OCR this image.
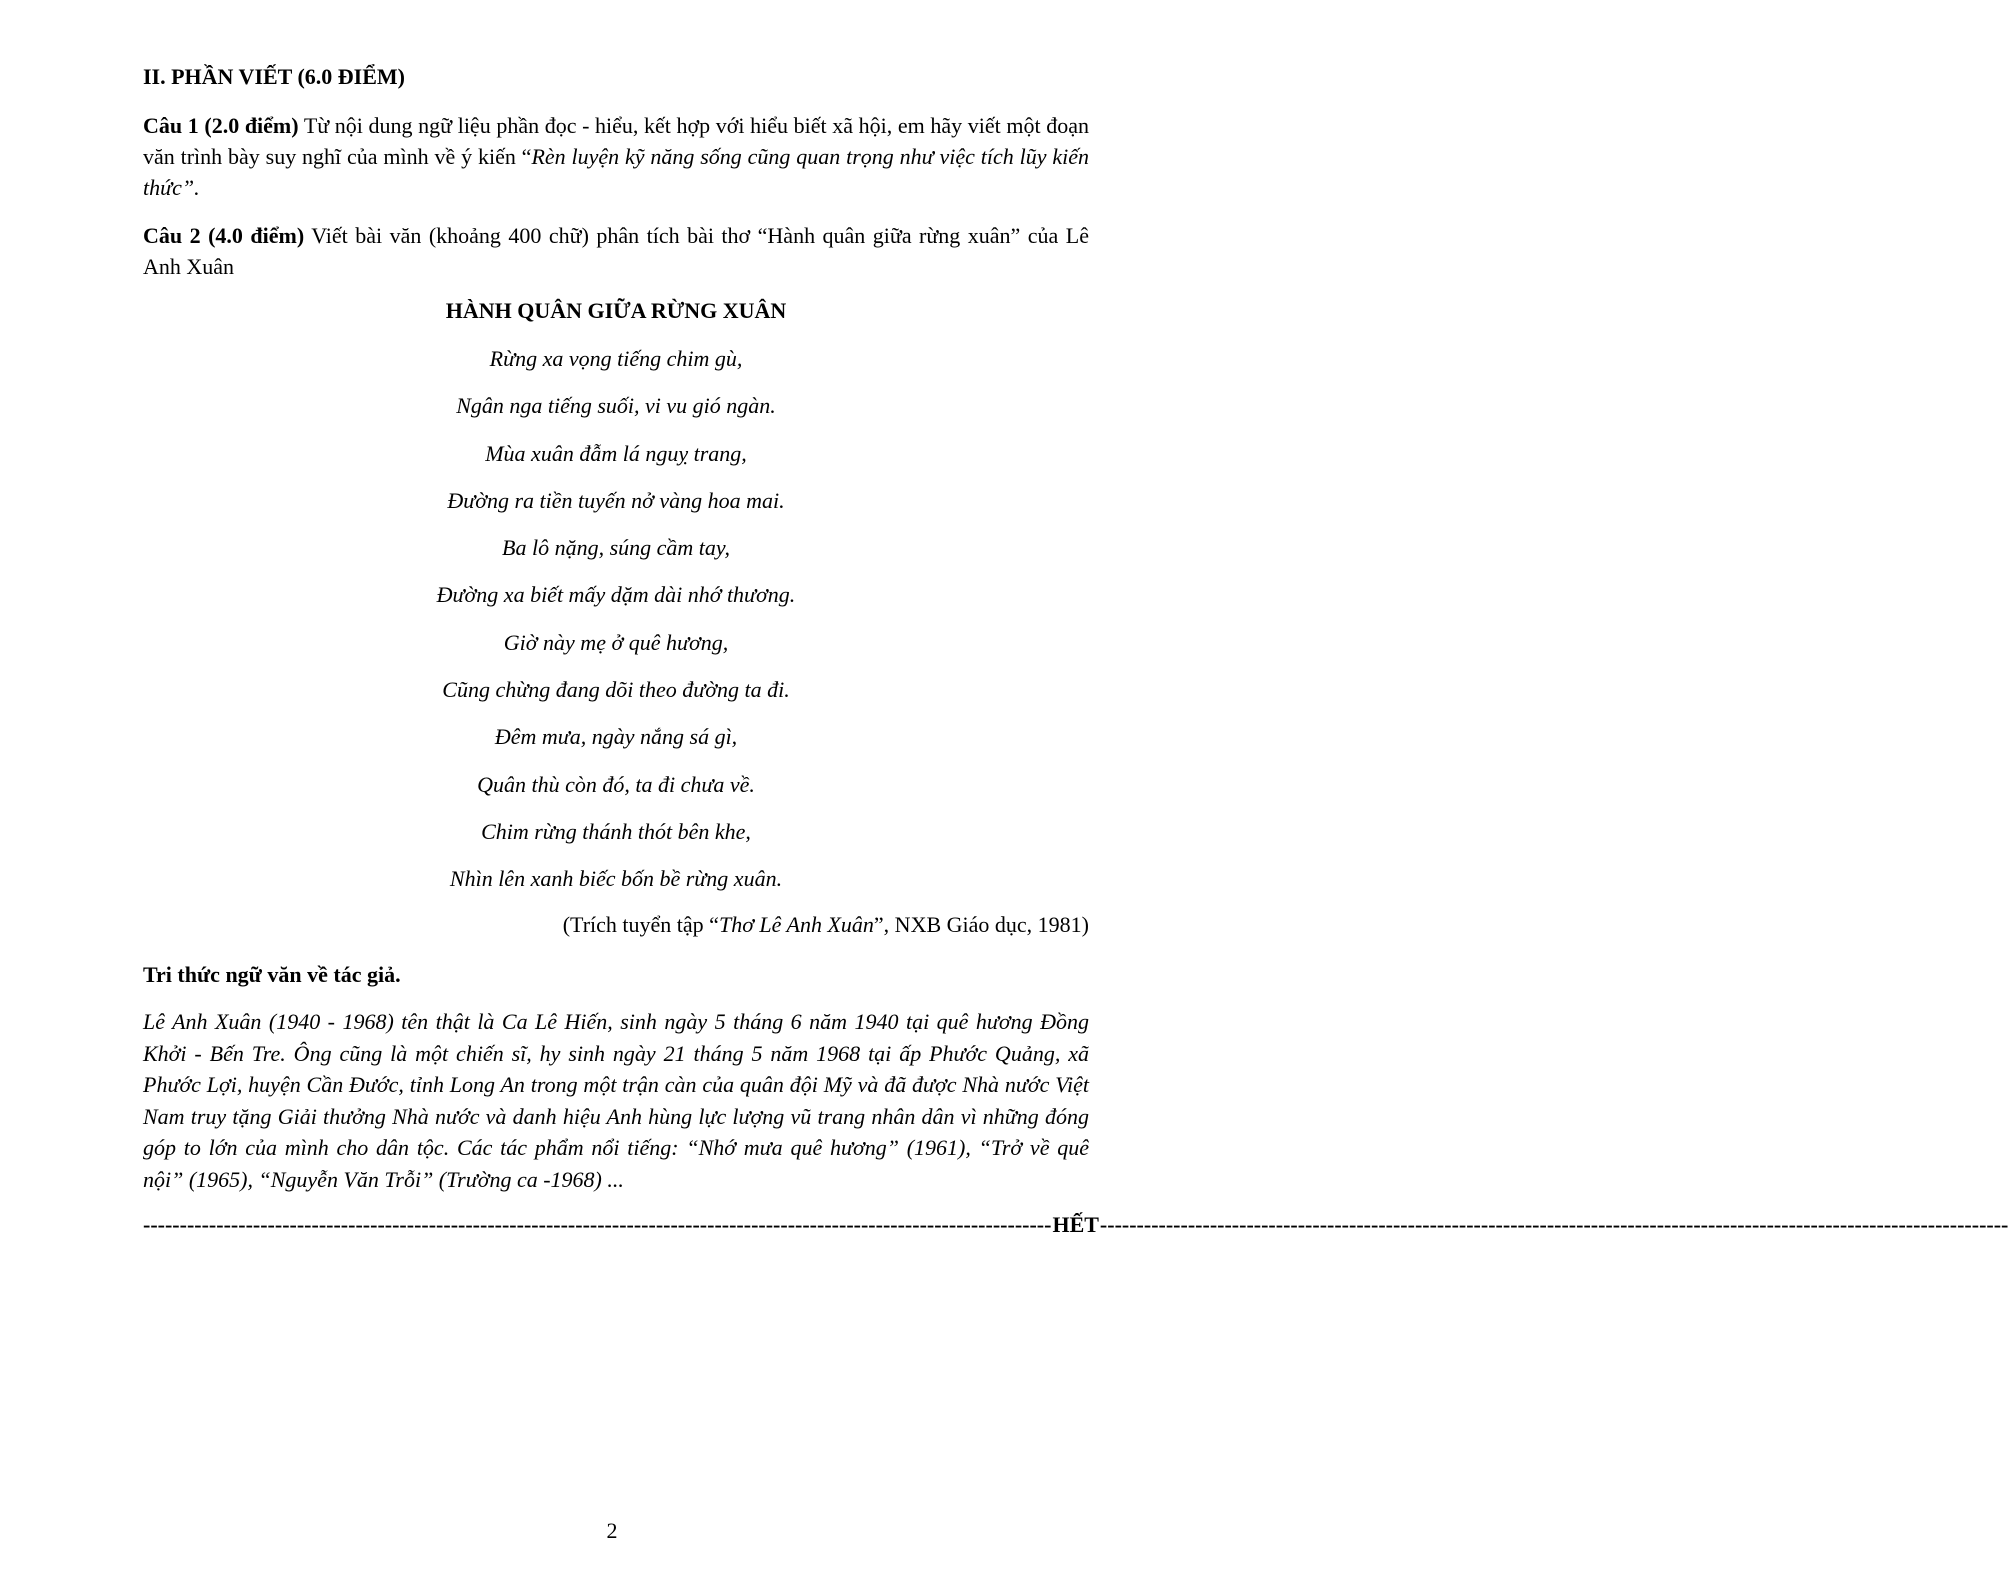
II. PHẦN VIẾT (6.0 ĐIỂM)
Câu 1 (2.0 điểm) Từ nội dung ngữ liệu phần đọc - hiểu, kết hợp với hiểu biết xã hội, em hãy viết một đoạn văn trình bày suy nghĩ của mình về ý kiến “Rèn luyện kỹ năng sống cũng quan trọng như việc tích lũy kiến thức”.
Câu 2 (4.0 điểm) Viết bài văn (khoảng 400 chữ) phân tích bài thơ “Hành quân giữa rừng xuân” của Lê Anh Xuân
HÀNH QUÂN GIỮA RỪNG XUÂN
Rừng xa vọng tiếng chim gù,
Ngân nga tiếng suối, vi vu gió ngàn.
Mùa xuân đẫm lá nguỵ trang,
Đường ra tiền tuyến nở vàng hoa mai.
Ba lô nặng, súng cầm tay,
Đường xa biết mấy dặm dài nhớ thương.
Giờ này mẹ ở quê hương,
Cũng chừng đang dõi theo đường ta đi.
Đêm mưa, ngày nắng sá gì,
Quân thù còn đó, ta đi chưa về.
Chim rừng thánh thót bên khe,
Nhìn lên xanh biếc bốn bề rừng xuân.
(Trích tuyển tập “Thơ Lê Anh Xuân”, NXB Giáo dục, 1981)
Tri thức ngữ văn về tác giả.
Lê Anh Xuân (1940 - 1968) tên thật là Ca Lê Hiến, sinh ngày 5 tháng 6 năm 1940 tại quê hương Đồng Khởi - Bến Tre. Ông cũng là một chiến sĩ, hy sinh ngày 21 tháng 5 năm 1968 tại ấp Phước Quảng, xã Phước Lợi, huyện Cần Đước, tỉnh Long An trong một trận càn của quân đội Mỹ và đã được Nhà nước Việt Nam truy tặng Giải thưởng Nhà nước và danh hiệu Anh hùng lực lượng vũ trang nhân dân vì những đóng góp to lớn của mình cho dân tộc. Các tác phẩm nổi tiếng: “Nhớ mưa quê hương” (1961), “Trở về quê nội” (1965), “Nguyễn Văn Trỗi” (Trường ca -1968) ...
---------------------------------------------------------------------------------------------------------------------------- HẾT ----------------------------------------------------------------------------------------------------------------------------
2
